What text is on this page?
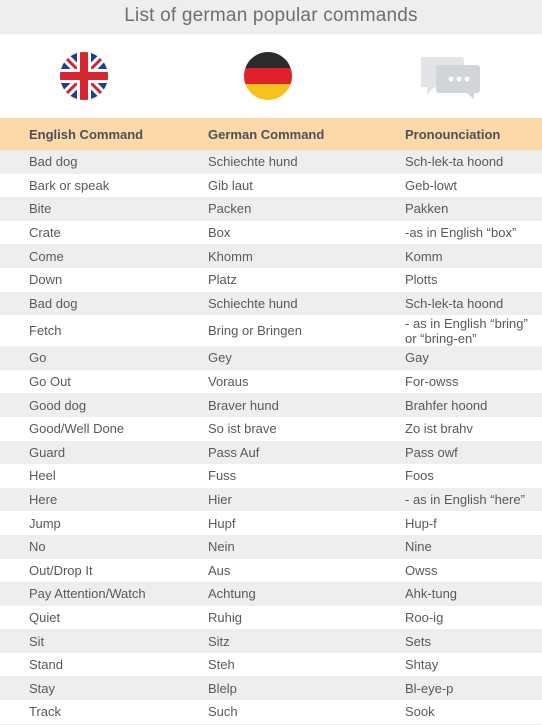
List of german popular commands
English Command	German Command	Pronounciation
Bad dog	Schiechte hund	Sch-lek-ta hoond
Bark or speak	Gib laut	Geb-lowt
Bite	Packen	Pakken
Crate	Box	-as in English “box”
Come	Khomm	Komm
Down	Platz	Plotts
Bad dog	Schiechte hund	Sch-lek-ta hoond
Fetch	Bring or Bringen	- as in English “bring”
or “bring-en”
Go	Gey	Gay
Go Out	Voraus	For-owss
Good dog	Braver hund	Brahfer hoond
Good/Well Done	So ist brave	Zo ist brahv
Guard	Pass Auf	Pass owf
Heel	Fuss	Foos
Here	Hier	- as in English “here”
Jump	Hupf	Hup-f
No	Nein	Nine
Out/Drop It	Aus	Owss
Pay Attention/Watch	Achtung	Ahk-tung
Quiet	Ruhig	Roo-ig
Sit	Sitz	Sets
Stand	Steh	Shtay
Stay	Blelp	Bl-eye-p
Track	Such	Sook
